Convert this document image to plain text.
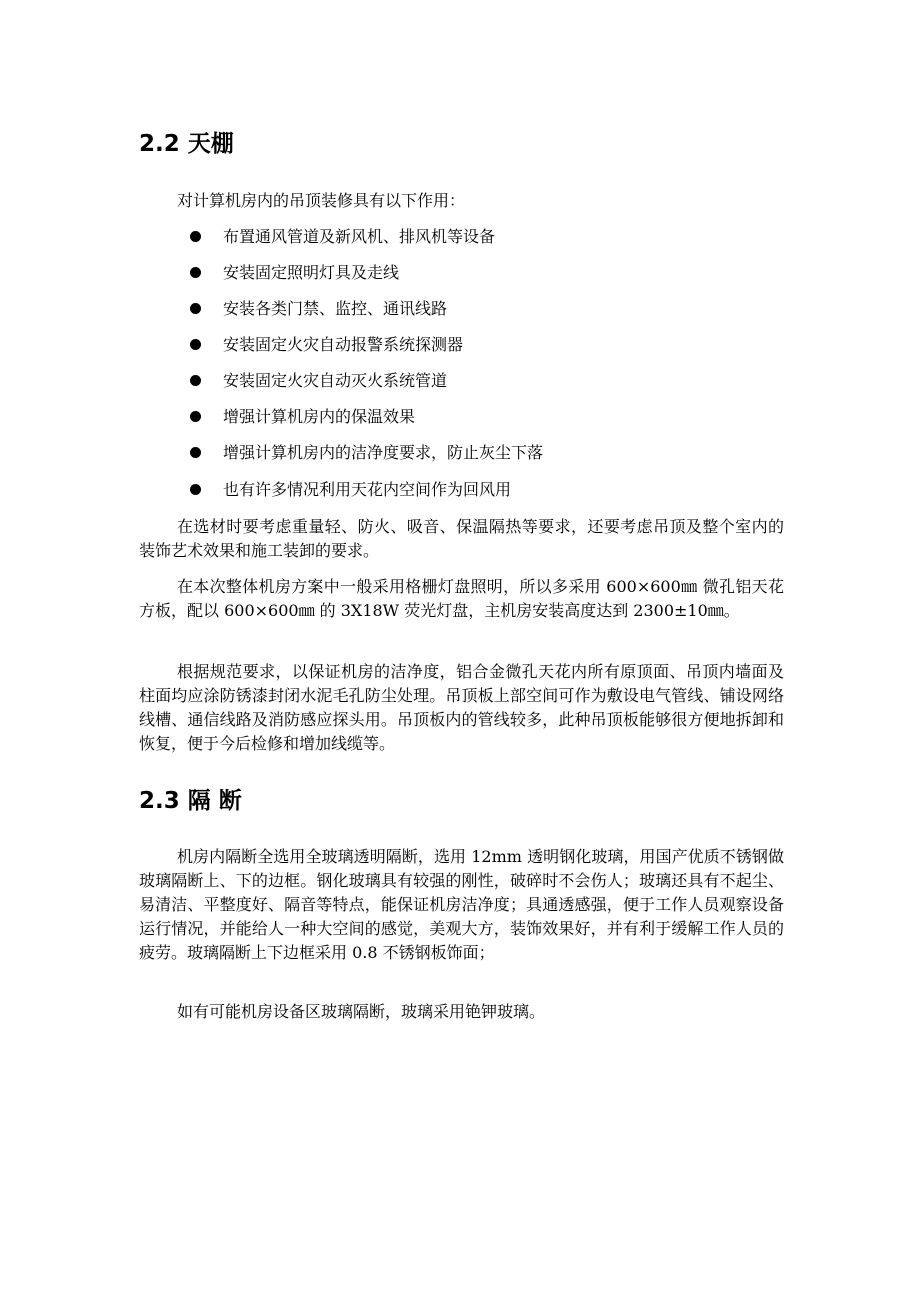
2.2 天棚

对计算机房内的吊顶装修具有以下作用：

布置通风管道及新风机、排风机等设备
安装固定照明灯具及走线
安装各类门禁、监控、通讯线路
安装固定火灾自动报警系统探测器
安装固定火灾自动灭火系统管道
增强计算机房内的保温效果
增强计算机房内的洁净度要求，防止灰尘下落
也有许多情况利用天花内空间作为回风用

在选材时要考虑重量轻、防火、吸音、保温隔热等要求，还要考虑吊顶及整个室内的装饰艺术效果和施工装卸的要求。

在本次整体机房方案中一般采用格栅灯盘照明，所以多采用 600×600㎜ 微孔铝天花方板，配以 600×600㎜ 的 3X18W 荧光灯盘，主机房安装高度达到 2300±10㎜。

根据规范要求，以保证机房的洁净度，铝合金微孔天花内所有原顶面、吊顶内墙面及柱面均应涂防锈漆封闭水泥毛孔防尘处理。吊顶板上部空间可作为敷设电气管线、铺设网络线槽、通信线路及消防感应探头用。吊顶板内的管线较多，此种吊顶板能够很方便地拆卸和恢复，便于今后检修和增加线缆等。

2.3 隔 断

机房内隔断全选用全玻璃透明隔断，选用 12mm 透明钢化玻璃，用国产优质不锈钢做玻璃隔断上、下的边框。钢化玻璃具有较强的刚性，破碎时不会伤人；玻璃还具有不起尘、易清洁、平整度好、隔音等特点，能保证机房洁净度；具通透感强，便于工作人员观察设备运行情况，并能给人一种大空间的感觉，美观大方，装饰效果好，并有利于缓解工作人员的疲劳。玻璃隔断上下边框采用 0.8 不锈钢板饰面；

如有可能机房设备区玻璃隔断，玻璃采用铯钾玻璃。
